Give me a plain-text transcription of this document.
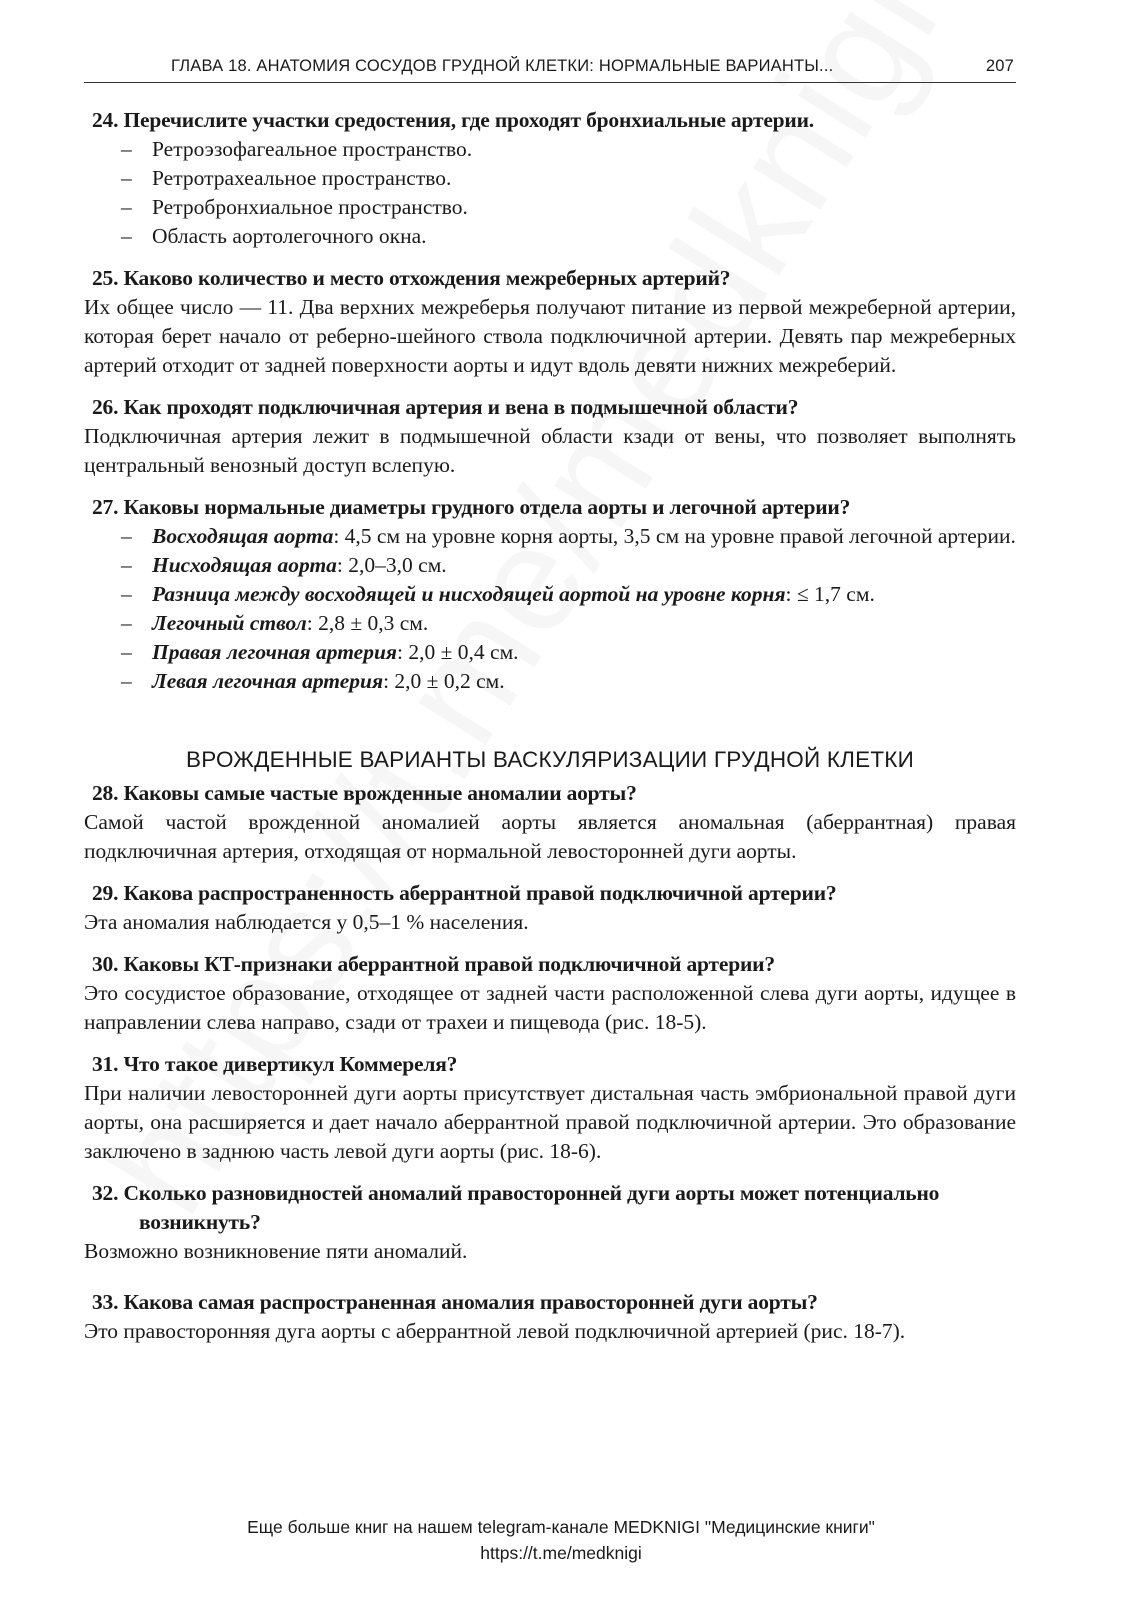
ГЛАВА 18. АНАТОМИЯ СОСУДОВ ГРУДНОЙ КЛЕТКИ: НОРМАЛЬНЫЕ ВАРИАНТЫ...	207
24. Перечислите участки средостения, где проходят бронхиальные артерии.
– Ретроэзофагеальное пространство.
– Ретротрахеальное пространство.
– Ретробронхиальное пространство.
– Область аортолегочного окна.
25. Каково количество и место отхождения межреберных артерий?

Их общее число — 11. Два верхних межреберья получают питание из первой межреберной артерии, которая берет начало от реберно-шейного ствола подключичной артерии. Девять пар межреберных артерий отходит от задней поверхности аорты и идут вдоль девяти нижних межреберий.

26. Как проходят подключичная артерия и вена в подмышечной области?

Подключичная артерия лежит в подмышечной области кзади от вены, что позволяет выполнять центральный венозный доступ вслепую.

27. Каковы нормальные диаметры грудного отдела аорты и легочной артерии?
– Восходящая аорта: 4,5 см на уровне корня аорты, 3,5 см на уровне правой легочной артерии.
– Нисходящая аорта: 2,0–3,0 см.
– Разница между восходящей и нисходящей аортой на уровне корня: ≤ 1,7 см.
– Легочный ствол: 2,8 ± 0,3 см.
– Правая легочная артерия: 2,0 ± 0,4 см.
– Левая легочная артерия: 2,0 ± 0,2 см.
ВРОЖДЕННЫЕ ВАРИАНТЫ ВАСКУЛЯРИЗАЦИИ ГРУДНОЙ КЛЕТКИ
28. Каковы самые частые врожденные аномалии аорты?

Самой частой врожденной аномалией аорты является аномальная (аберрантная) правая подключичная артерия, отходящая от нормальной левосторонней дуги аорты.

29. Какова распространенность аберрантной правой подключичной артерии?

Эта аномалия наблюдается у 0,5–1 % населения.

30. Каковы КТ-признаки аберрантной правой подключичной артерии?

Это сосудистое образование, отходящее от задней части расположенной слева дуги аорты, идущее в направлении слева направо, сзади от трахеи и пищевода (рис. 18-5).

31. Что такое дивертикул Коммереля?

При наличии левосторонней дуги аорты присутствует дистальная часть эмбриональной правой дуги аорты, она расширяется и дает начало аберрантной правой подключичной артерии. Это образование заключено в заднюю часть левой дуги аорты (рис. 18-6).

32. Сколько разновидностей аномалий правосторонней дуги аорты может потенциально возникнуть?

Возможно возникновение пяти аномалий.

33. Какова самая распространенная аномалия правосторонней дуги аорты?

Это правосторонняя дуга аорты с аберрантной левой подключичной артерией (рис. 18-7).

Еще больше книг на нашем telegram-канале MEDKNIGI "Медицинские книги"
https://t.me/medknigi
